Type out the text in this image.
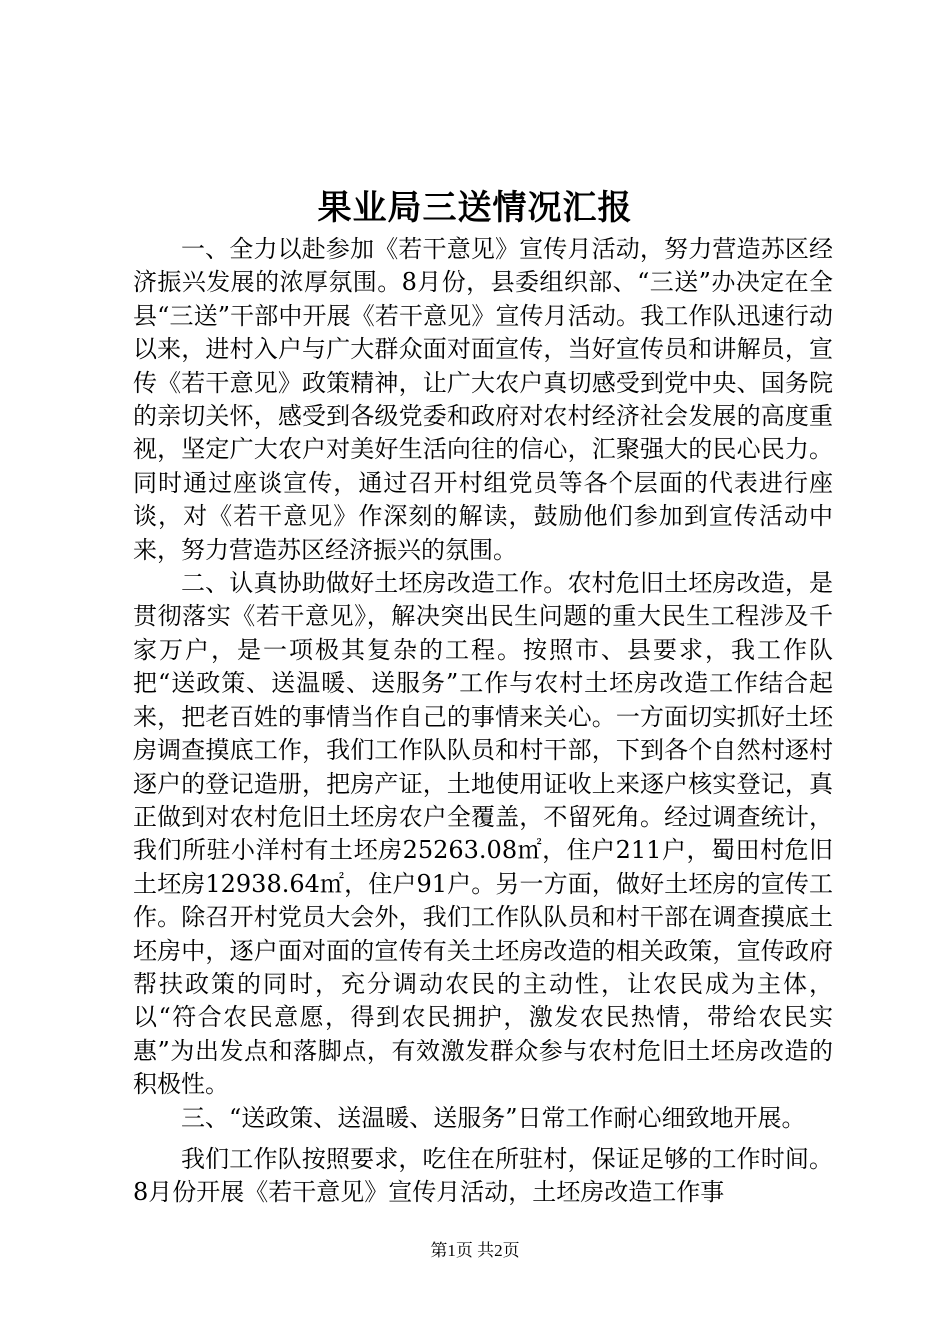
果业局三送情况汇报

一、全力以赴参加《若干意见》宣传月活动，努力营造苏区经济振兴发展的浓厚氛围。8月份，县委组织部、“三送”办决定在全县“三送”干部中开展《若干意见》宣传月活动。我工作队迅速行动以来，进村入户与广大群众面对面宣传，当好宣传员和讲解员，宣传《若干意见》政策精神，让广大农户真切感受到党中央、国务院的亲切关怀，感受到各级党委和政府对农村经济社会发展的高度重视，坚定广大农户对美好生活向往的信心，汇聚强大的民心民力。同时通过座谈宣传，通过召开村组党员等各个层面的代表进行座谈，对《若干意见》作深刻的解读，鼓励他们参加到宣传活动中来，努力营造苏区经济振兴的氛围。

二、认真协助做好土坯房改造工作。农村危旧土坯房改造，是贯彻落实《若干意见》，解决突出民生问题的重大民生工程涉及千家万户，是一项极其复杂的工程。按照市、县要求，我工作队把“送政策、送温暖、送服务”工作与农村土坯房改造工作结合起来，把老百姓的事情当作自己的事情来关心。一方面切实抓好土坯房调查摸底工作，我们工作队队员和村干部，下到各个自然村逐村逐户的登记造册，把房产证，土地使用证收上来逐户核实登记，真正做到对农村危旧土坯房农户全覆盖，不留死角。经过调查统计，我们所驻小洋村有土坯房25263.08㎡，住户211户，蜀田村危旧土坯房12938.64㎡，住户91户。另一方面，做好土坯房的宣传工作。除召开村党员大会外，我们工作队队员和村干部在调查摸底土坯房中，逐户面对面的宣传有关土坯房改造的相关政策，宣传政府帮扶政策的同时，充分调动农民的主动性，让农民成为主体，以“符合农民意愿，得到农民拥护，激发农民热情，带给农民实惠”为出发点和落脚点，有效激发群众参与农村危旧土坯房改造的积极性。

三、“送政策、送温暖、送服务”日常工作耐心细致地开展。

我们工作队按照要求，吃住在所驻村，保证足够的工作时间。8月份开展《若干意见》宣传月活动，土坯房改造工作事

第1页 共2页
